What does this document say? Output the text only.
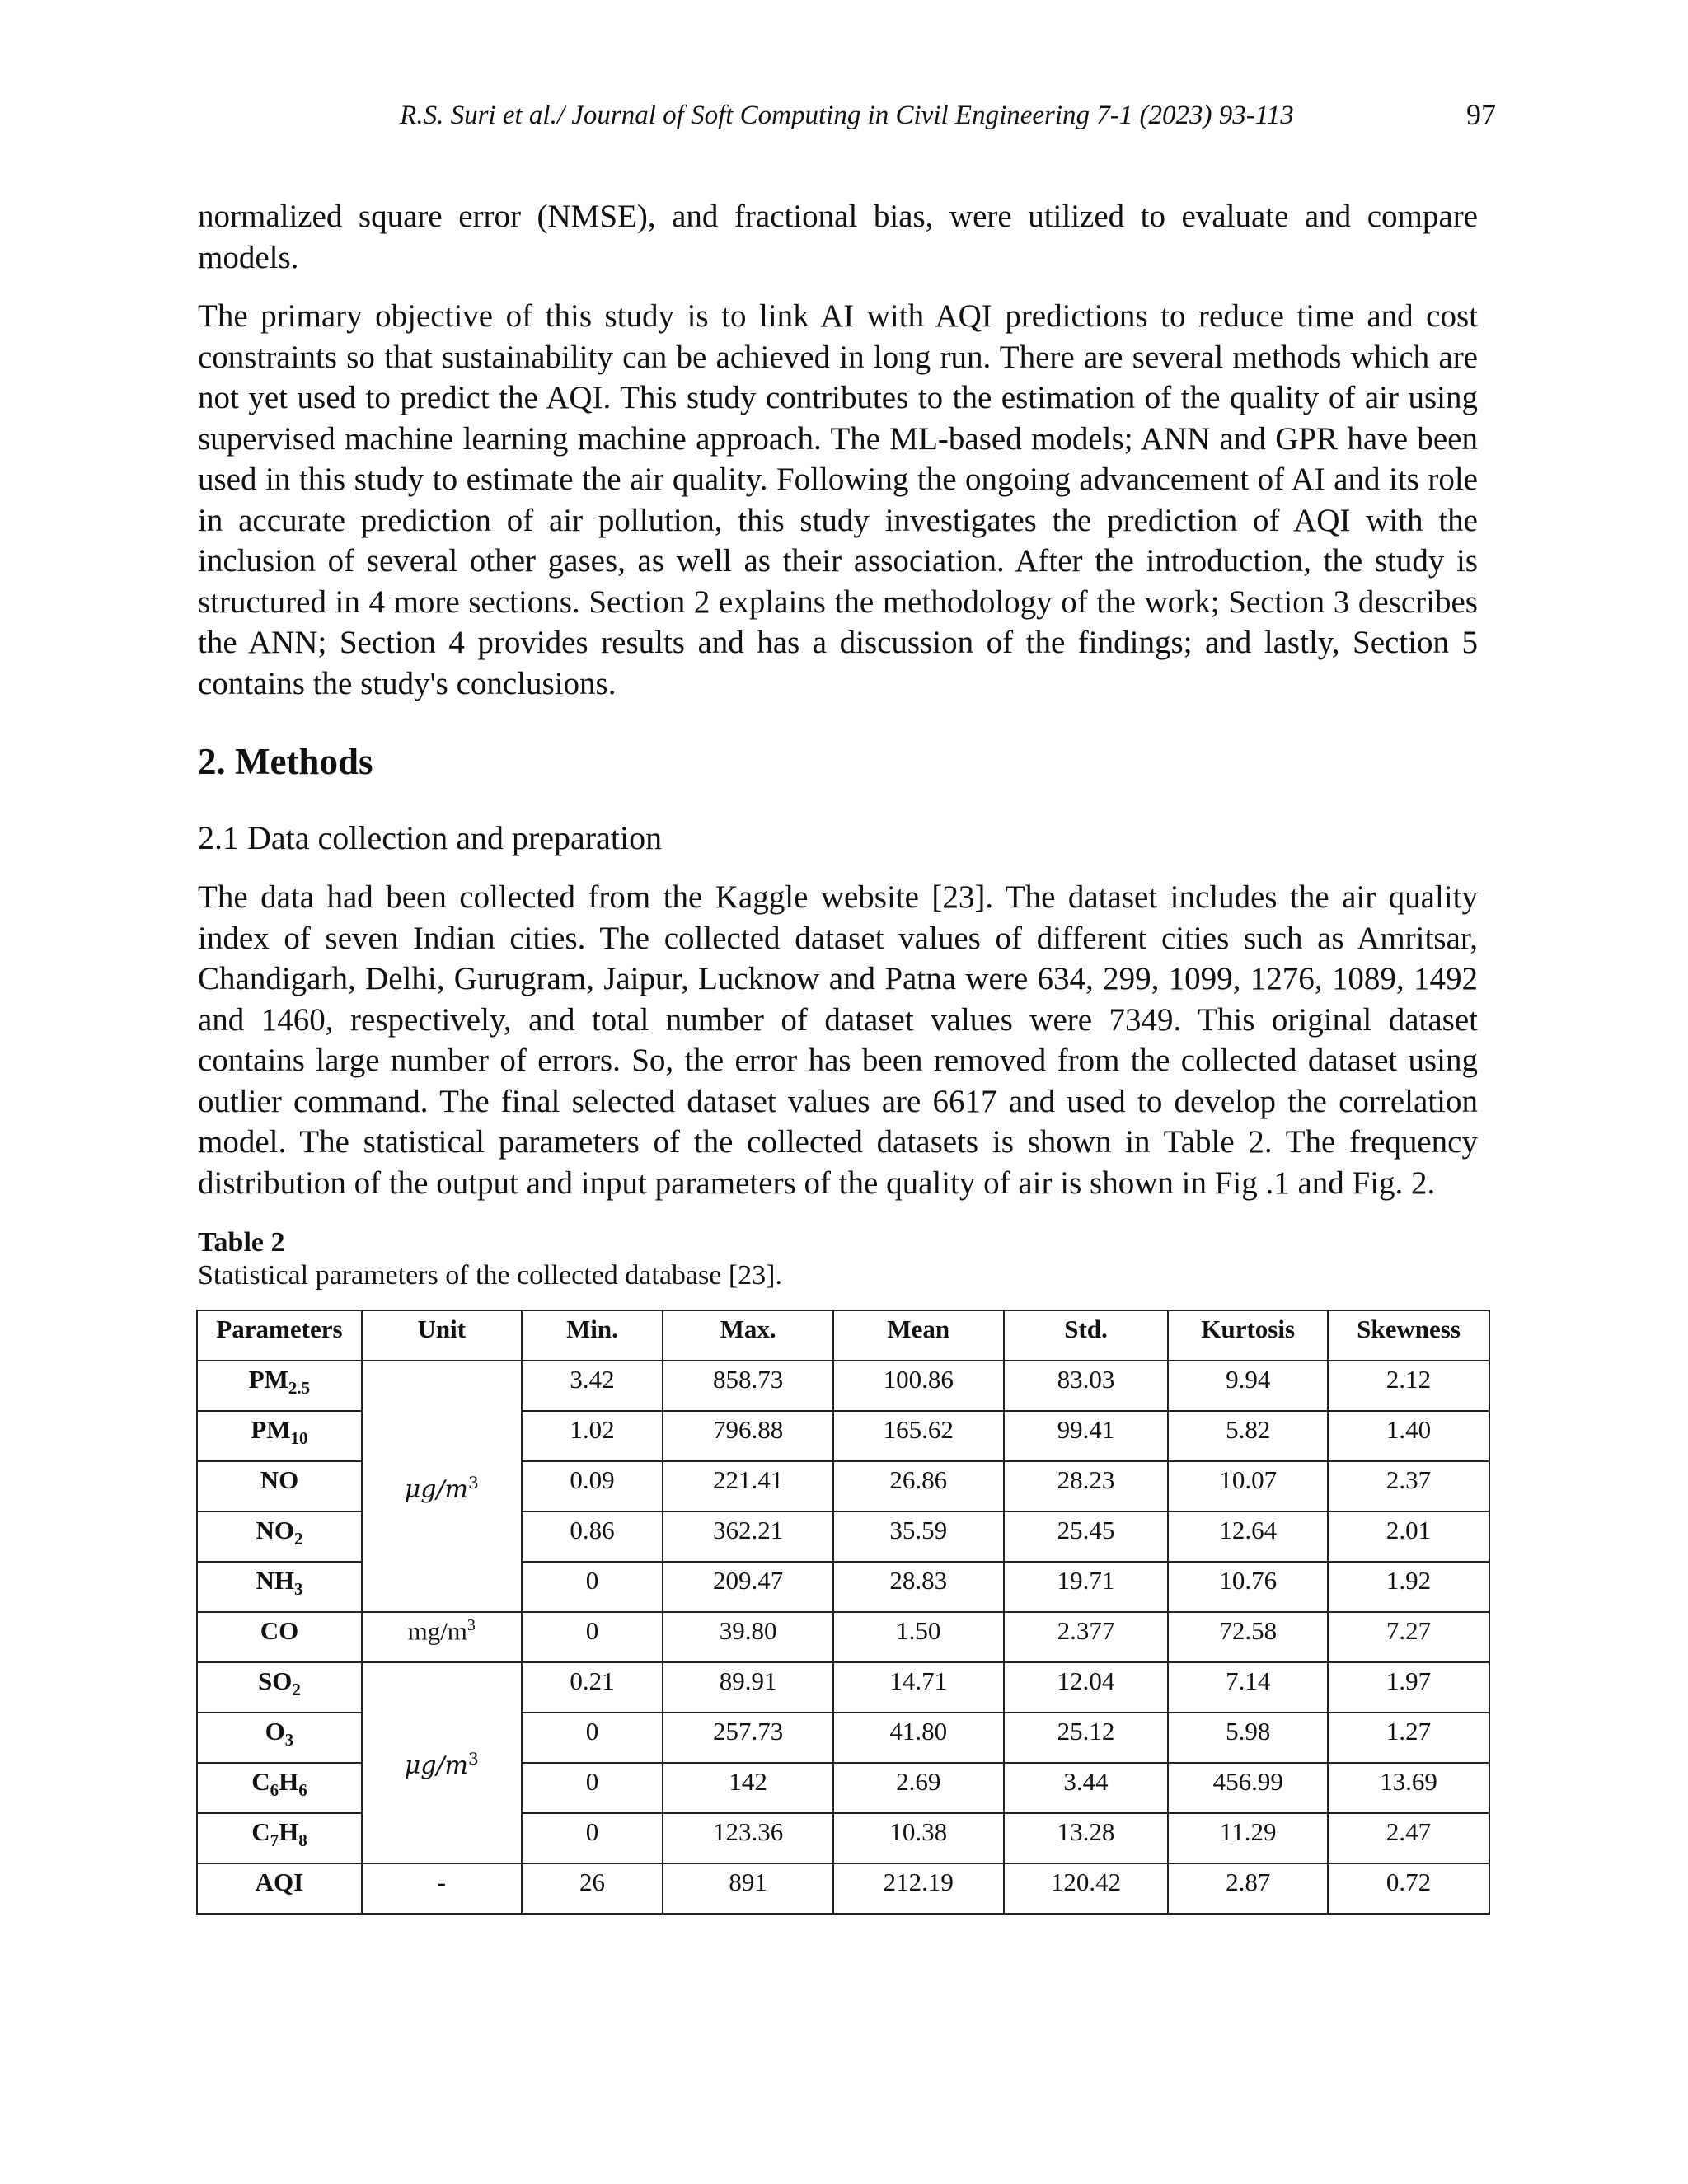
R.S. Suri et al./ Journal of Soft Computing in Civil Engineering 7-1 (2023) 93-113	97

normalized square error (NMSE), and fractional bias, were utilized to evaluate and compare models.

The primary objective of this study is to link AI with AQI predictions to reduce time and cost constraints so that sustainability can be achieved in long run. There are several methods which are not yet used to predict the AQI. This study contributes to the estimation of the quality of air using supervised machine learning machine approach. The ML-based models; ANN and GPR have been used in this study to estimate the air quality. Following the ongoing advancement of AI and its role in accurate prediction of air pollution, this study investigates the prediction of AQI with the inclusion of several other gases, as well as their association. After the introduction, the study is structured in 4 more sections. Section 2 explains the methodology of the work; Section 3 describes the ANN; Section 4 provides results and has a discussion of the findings; and lastly, Section 5 contains the study's conclusions.

2. Methods
2.1 Data collection and preparation

The data had been collected from the Kaggle website [23]. The dataset includes the air quality index of seven Indian cities. The collected dataset values of different cities such as Amritsar, Chandigarh, Delhi, Gurugram, Jaipur, Lucknow and Patna were 634, 299, 1099, 1276, 1089, 1492 and 1460, respectively, and total number of dataset values were 7349. This original dataset contains large number of errors. So, the error has been removed from the collected dataset using outlier command. The final selected dataset values are 6617 and used to develop the correlation model. The statistical parameters of the collected datasets is shown in Table 2. The frequency distribution of the output and input parameters of the quality of air is shown in Fig .1 and Fig. 2.

Table 2
Statistical parameters of the collected database [23].
Parameters	Unit	Min.	Max.	Mean	Std.	Kurtosis	Skewness
$PM_{2.5}$	$\mu g/m^3$	3.42	858.73	100.86	83.03	9.94	2.12
$PM_{10}$		1.02	796.88	165.62	99.41	5.82	1.40
NO		0.09	221.41	26.86	28.23	10.07	2.37
$NO_2$		0.86	362.21	35.59	25.45	12.64	2.01
$NH_3$		0	209.47	28.83	19.71	10.76	1.92
CO	$mg/m^3$	0	39.80	1.50	2.377	72.58	7.27
$SO_2$	$\mu g/m^3$	0.21	89.91	14.71	12.04	7.14	1.97
$O_3$		0	257.73	41.80	25.12	5.98	1.27
$C_6H_6$		0	142	2.69	3.44	456.99	13.69
$C_7H_8$		0	123.36	10.38	13.28	11.29	2.47
AQI	-	26	891	212.19	120.42	2.87	0.72
